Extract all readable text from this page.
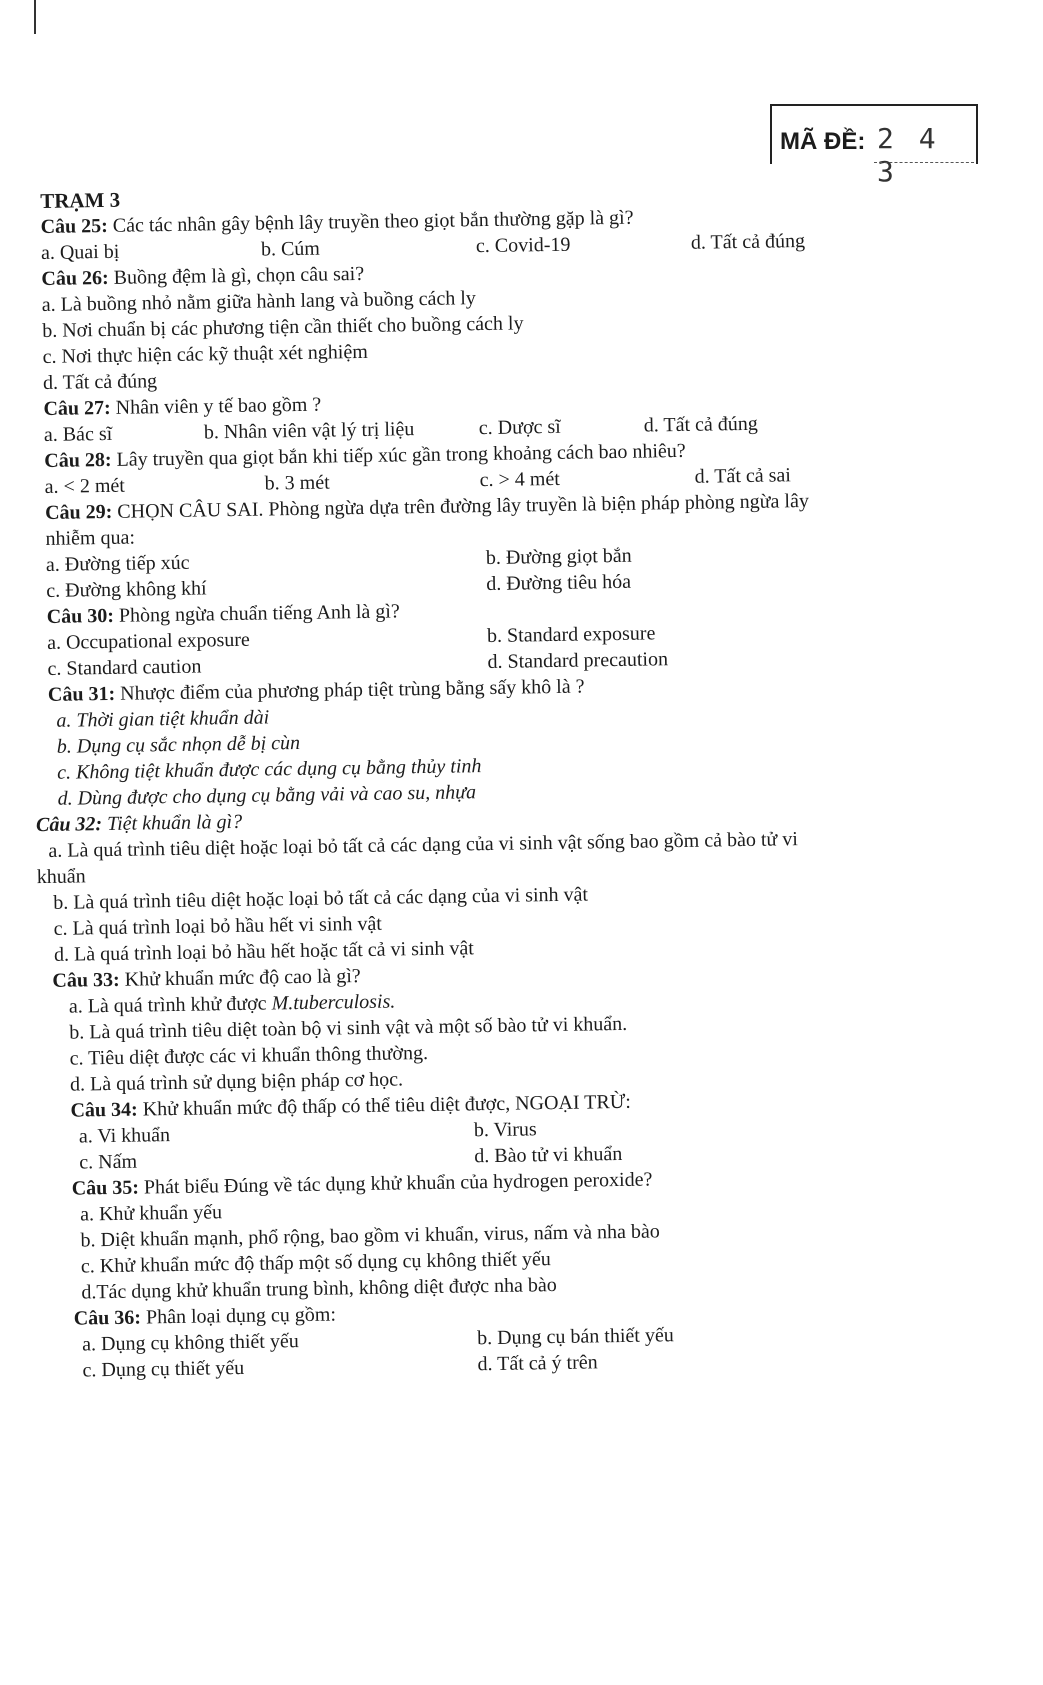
MÃ ĐỀ: 2 4 3
TRẠM 3
Câu 25: Các tác nhân gây bệnh lây truyền theo giọt bắn thường gặp là gì?
a. Quai bị	b. Cúm	c. Covid-19	d. Tất cả đúng
Câu 26: Buồng đệm là gì, chọn câu sai?
a. Là buồng nhỏ nằm giữa hành lang và buồng cách ly
b. Nơi chuẩn bị các phương tiện cần thiết cho buồng cách ly
c. Nơi thực hiện các kỹ thuật xét nghiệm
d. Tất cả đúng
Câu 27: Nhân viên y tế bao gồm ?
a. Bác sĩ	b. Nhân viên vật lý trị liệu	c. Dược sĩ	d. Tất cả đúng
Câu 28: Lây truyền qua giọt bắn khi tiếp xúc gần trong khoảng cách bao nhiêu?
a. < 2 mét	b. 3 mét	c. > 4 mét	d. Tất cả sai
Câu 29: CHỌN CÂU SAI. Phòng ngừa dựa trên đường lây truyền là biện pháp phòng ngừa lây nhiễm qua:
a. Đường tiếp xúc	b. Đường giọt bắn
c. Đường không khí	d. Đường tiêu hóa
Câu 30: Phòng ngừa chuẩn tiếng Anh là gì?
a. Occupational exposure	b. Standard exposure
c. Standard caution	d. Standard precaution
Câu 31: Nhược điểm của phương pháp tiệt trùng bằng sấy khô là ?
a. Thời gian tiệt khuẩn dài
b. Dụng cụ sắc nhọn dễ bị cùn
c. Không tiệt khuẩn được các dụng cụ bằng thủy tinh
d. Dùng được cho dụng cụ bằng vải và cao su, nhựa
Câu 32: Tiệt khuẩn là gì?
a. Là quá trình tiêu diệt hoặc loại bỏ tất cả các dạng của vi sinh vật sống bao gồm cả bào tử vi khuẩn
b. Là quá trình tiêu diệt hoặc loại bỏ tất cả các dạng của vi sinh vật
c. Là quá trình loại bỏ hầu hết vi sinh vật
d. Là quá trình loại bỏ hầu hết hoặc tất cả vi sinh vật
Câu 33: Khử khuẩn mức độ cao là gì?
a. Là quá trình khử được M.tuberculosis.
b. Là quá trình tiêu diệt toàn bộ vi sinh vật và một số bào tử vi khuẩn.
c. Tiêu diệt được các vi khuẩn thông thường.
d. Là quá trình sử dụng biện pháp cơ học.
Câu 34: Khử khuẩn mức độ thấp có thể tiêu diệt được, NGOẠI TRỪ:
a. Vi khuẩn	b. Virus
c. Nấm	d. Bào tử vi khuẩn
Câu 35: Phát biểu Đúng về tác dụng khử khuẩn của hydrogen peroxide?
a. Khử khuẩn yếu
b. Diệt khuẩn mạnh, phổ rộng, bao gồm vi khuẩn, virus, nấm và nha bào
c. Khử khuẩn mức độ thấp một số dụng cụ không thiết yếu
d.Tác dụng khử khuẩn trung bình, không diệt được nha bào
Câu 36: Phân loại dụng cụ gồm:
a. Dụng cụ không thiết yếu	b. Dụng cụ bán thiết yếu
c. Dụng cụ thiết yếu	d. Tất cả ý trên
